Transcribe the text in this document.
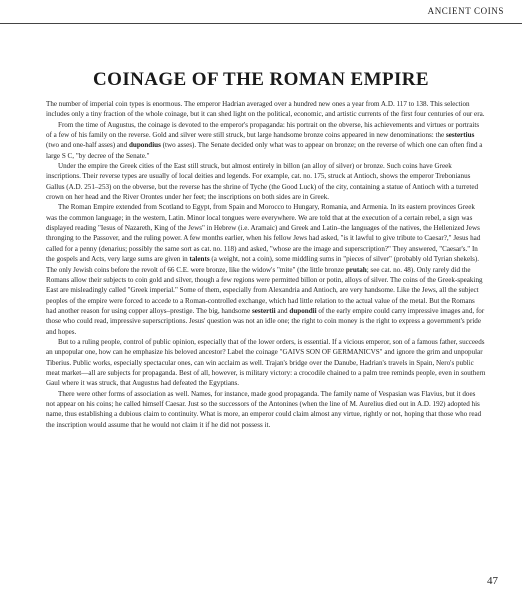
ANCIENT COINS
COINAGE OF THE ROMAN EMPIRE

The number of imperial coin types is enormous. The emperor Hadrian averaged over a hundred new ones a year from A.D. 117 to 138. This selection includes only a tiny fraction of the whole coinage, but it can shed light on the political, economic, and artistic currents of the first four centuries of our era.

From the time of Augustus, the coinage is devoted to the emperor's propaganda: his portrait on the obverse, his achievements and virtues or portraits of a few of his family on the reverse. Gold and silver were still struck, but large handsome bronze coins appeared in new denominations: the sestertius (two and one-half asses) and dupondius (two asses). The Senate decided only what was to appear on bronze; on the reverse of which one can often find a large S C, "by decree of the Senate."

Under the empire the Greek cities of the East still struck, but almost entirely in billon (an alloy of silver) or bronze. Such coins have Greek inscriptions. Their reverse types are usually of local deities and legends. For example, cat. no. 175, struck at Antioch, shows the emperor Trebonianus Gallus (A.D. 251–253) on the obverse, but the reverse has the shrine of Tyche (the Good Luck) of the city, containing a statue of Antioch with a turreted crown on her head and the River Orontes under her feet; the inscriptions on both sides are in Greek.

The Roman Empire extended from Scotland to Egypt, from Spain and Morocco to Hungary, Romania, and Armenia. In its eastern provinces Greek was the common language; in the western, Latin. Minor local tongues were everywhere. We are told that at the execution of a certain rebel, a sign was displayed reading "Iesus of Nazareth, King of the Jews" in Hebrew (i.e. Aramaic) and Greek and Latin–the languages of the natives, the Hellenized Jews thronging to the Passover, and the ruling power. A few months earlier, when his fellow Jews had asked, "is it lawful to give tribute to Caesar?," Jesus had called for a penny (denarius; possibly the same sort as cat. no. 118) and asked, "whose are the image and superscription?" They answered, "Caesar's." In the gospels and Acts, very large sums are given in talents (a weight, not a coin), some middling sums in "pieces of silver" (probably old Tyrian shekels). The only Jewish coins before the revolt of 66 C.E. were bronze, like the widow's "mite" (the little bronze prutah; see cat. no. 48). Only rarely did the Romans allow their subjects to coin gold and silver, though a few regions were permitted billon or potin, alloys of silver. The coins of the Greek-speaking East are misleadingly called "Greek imperial." Some of them, especially from Alexandria and Antioch, are very handsome. Like the Jews, all the subject peoples of the empire were forced to accede to a Roman-controlled exchange, which had little relation to the actual value of the metal. But the Romans had another reason for using copper alloys–prestige. The big, handsome sestertii and dupondii of the early empire could carry impressive images and, for those who could read, impressive superscriptions. Jesus' question was not an idle one; the right to coin money is the right to express a government's pride and hopes.

But to a ruling people, control of public opinion, especially that of the lower orders, is essential. If a vicious emperor, son of a famous father, succeeds an unpopular one, how can he emphasize his beloved ancestor? Label the coinage "GAIVS SON OF GERMANICVS" and ignore the grim and unpopular Tiberius. Public works, especially spectacular ones, can win acclaim as well. Trajan's bridge over the Danube, Hadrian's travels in Spain, Nero's public meat market—all are subjects for propaganda. Best of all, however, is military victory: a crocodile chained to a palm tree reminds people, even in southern Gaul where it was struck, that Augustus had defeated the Egyptians.

There were other forms of association as well. Names, for instance, made good propaganda. The family name of Vespasian was Flavius, but it does not appear on his coins; he called himself Caesar. Just so the successors of the Antonines (when the line of M. Aurelius died out in A.D. 192) adopted his name, thus establishing a dubious claim to continuity. What is more, an emperor could claim almost any virtue, rightly or not, hoping that those who read the inscription would assume that he would not claim it if he did not possess it.

47
